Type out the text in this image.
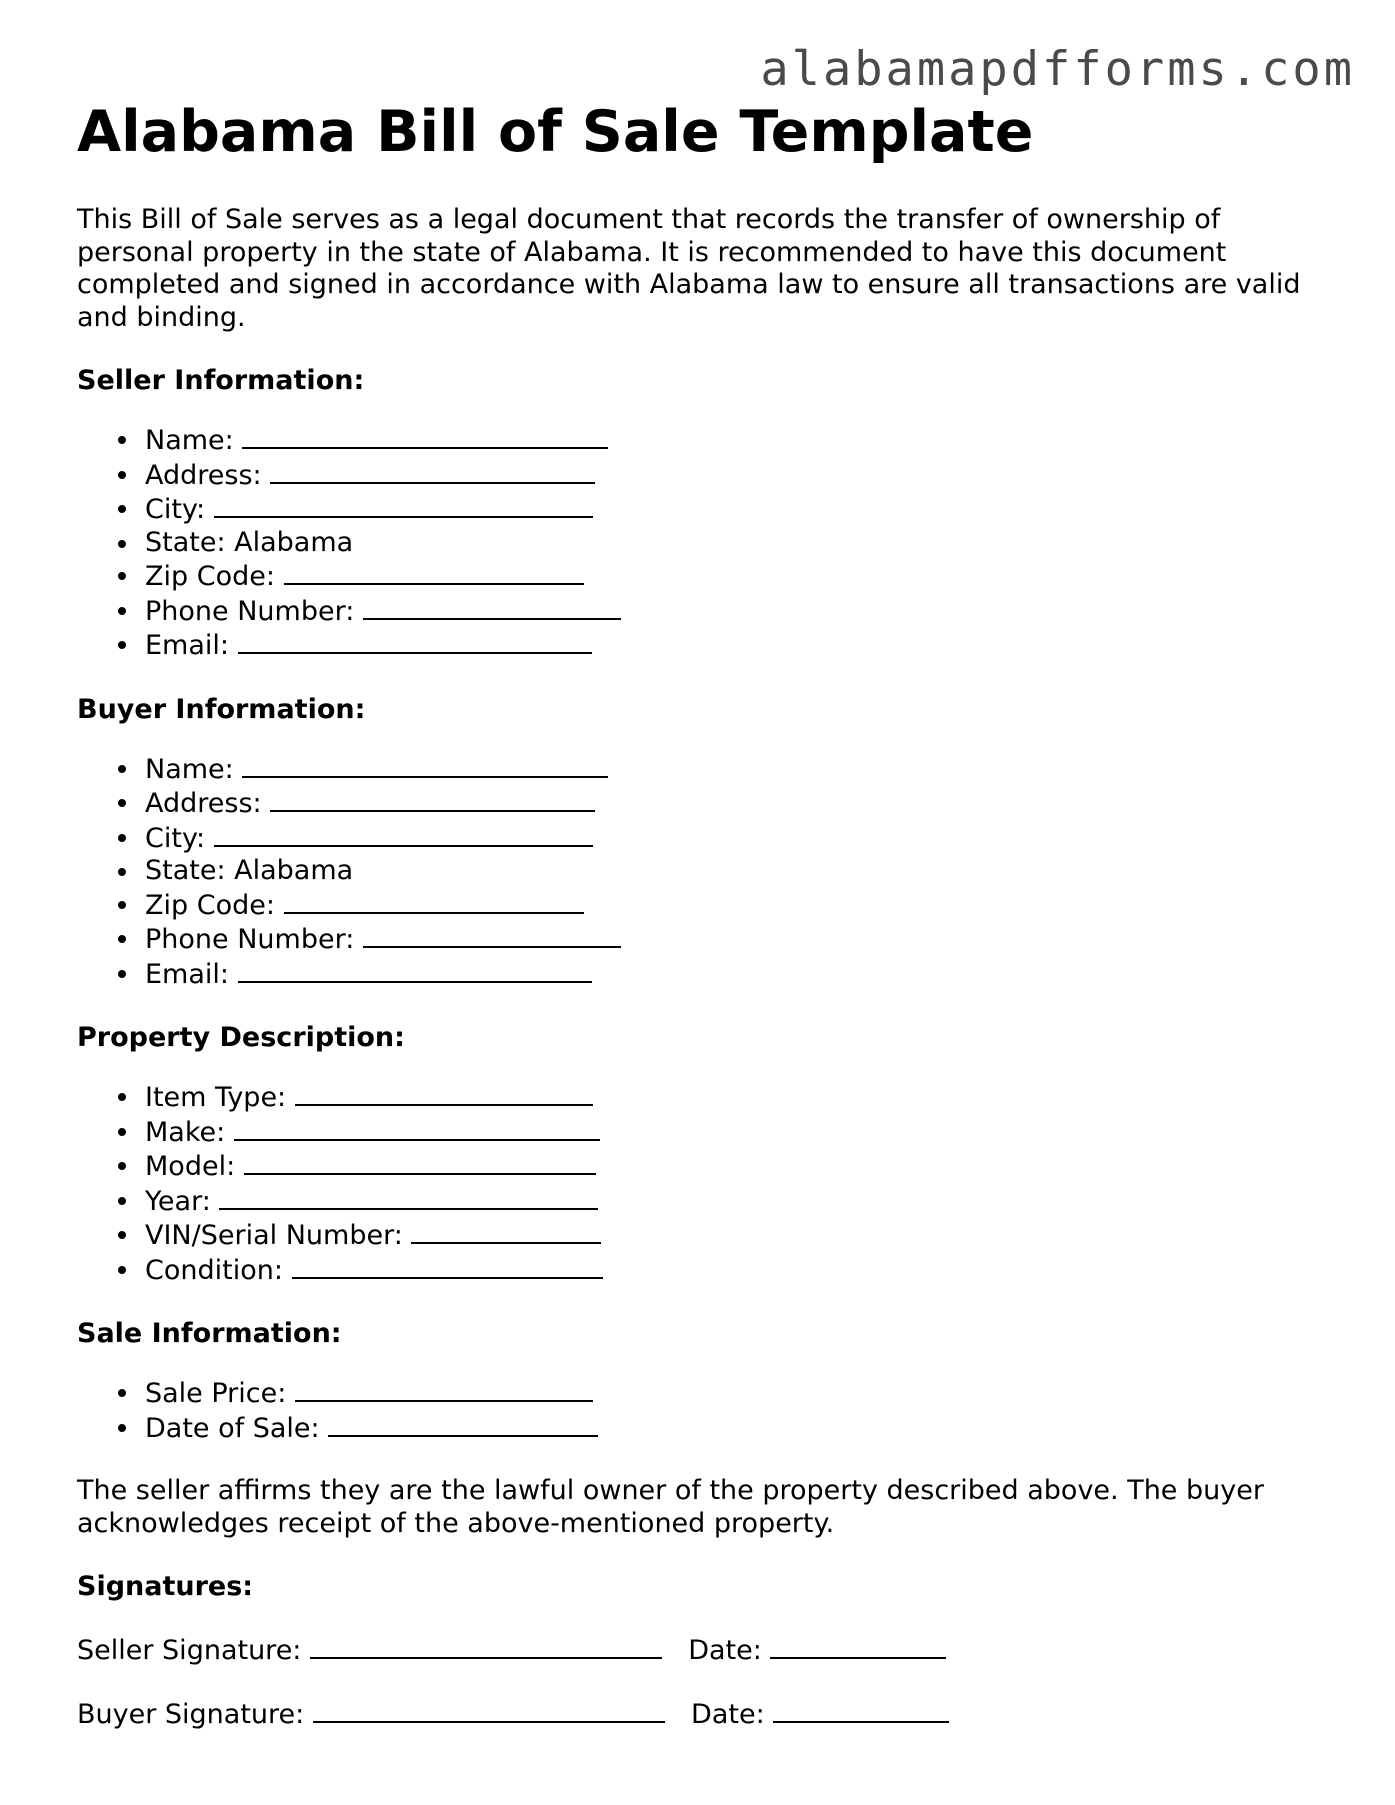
alabamapdfforms.com
Alabama Bill of Sale Template

This Bill of Sale serves as a legal document that records the transfer of ownership of personal property in the state of Alabama. It is recommended to have this document completed and signed in accordance with Alabama law to ensure all transactions are valid and binding.

Seller Information:
Name:
Address:
City:
State: Alabama
Zip Code:
Phone Number:
Email:
Buyer Information:
Name:
Address:
City:
State: Alabama
Zip Code:
Phone Number:
Email:
Property Description:
Item Type:
Make:
Model:
Year:
VIN/Serial Number:
Condition:
Sale Information:
Sale Price:
Date of Sale:

The seller affirms they are the lawful owner of the property described above. The buyer acknowledges receipt of the above-mentioned property.

Signatures:
Seller Signature:	Date:
Buyer Signature:	Date:
